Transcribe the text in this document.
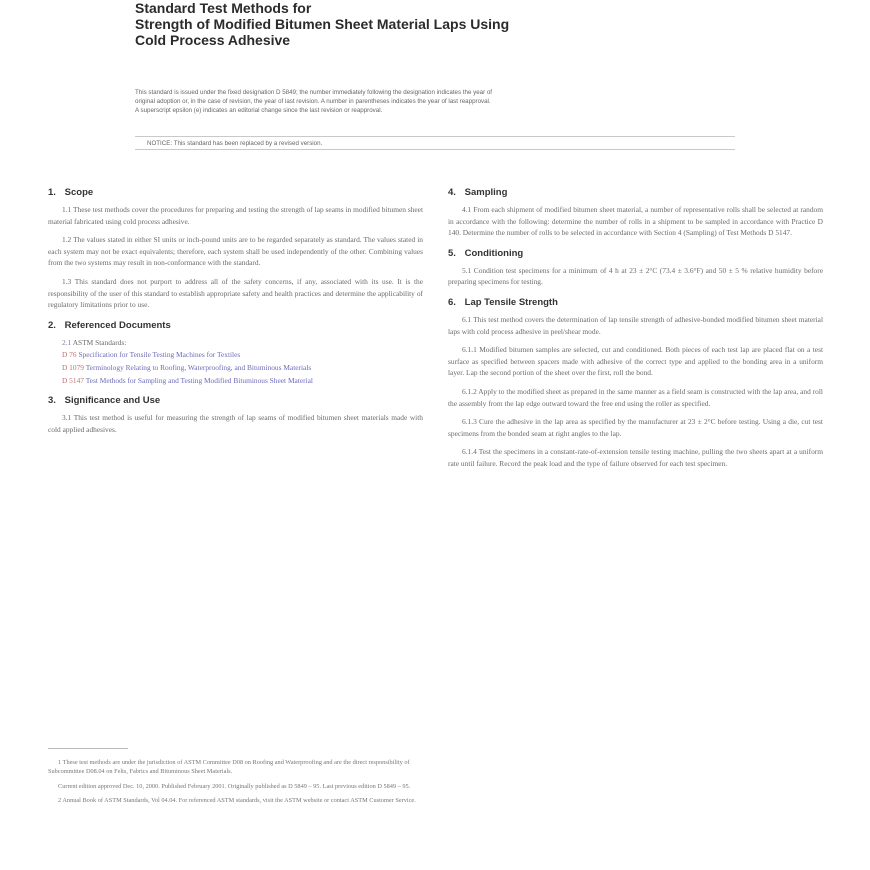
Standard Test Methods for

Strength of Modified Bitumen Sheet Material Laps Using

Cold Process Adhesive

This standard is issued under the fixed designation D 5849; the number immediately following the designation indicates the year of

original adoption or, in the case of revision, the year of last revision. A number in parentheses indicates the year of last reapproval.

A superscript epsilon (e) indicates an editorial change since the last revision or reapproval.

NOTICE: This standard has been replaced by a revised version.
1. Scope

1.1 These test methods cover the procedures for preparing and testing the strength of lap seams in modified bitumen sheet material fabricated using cold process adhesive.

1.2 The values stated in either SI units or inch-pound units are to be regarded separately as standard. The values stated in each system may not be exact equivalents; therefore, each system shall be used independently of the other. Combining values from the two systems may result in non-conformance with the standard.

1.3 This standard does not purport to address all of the safety concerns, if any, associated with its use. It is the responsibility of the user of this standard to establish appropriate safety and health practices and determine the applicability of regulatory limitations prior to use.

2. Referenced Documents
2.1 ASTM Standards:
D 76 Specification for Tensile Testing Machines for Textiles
D 1079 Terminology Relating to Roofing, Waterproofing, and Bituminous Materials
D 5147 Test Methods for Sampling and Testing Modified Bituminous Sheet Material
3. Significance and Use

3.1 This test method is useful for measuring the strength of lap seams of modified bitumen sheet materials made with cold applied adhesives.

1 These test methods are under the jurisdiction of ASTM Committee D08 on Roofing and Waterproofing and are the direct responsibility of Subcommittee D08.04 on Felts, Fabrics and Bituminous Sheet Materials.

Current edition approved Dec. 10, 2000. Published February 2001. Originally published as D 5849 – 95. Last previous edition D 5849 – 95.

2 Annual Book of ASTM Standards, Vol 04.04. For referenced ASTM standards, visit the ASTM website or contact ASTM Customer Service.

4. Sampling

4.1 From each shipment of modified bitumen sheet material, a number of representative rolls shall be selected at random in accordance with the following: determine the number of rolls in a shipment to be sampled in accordance with Practice D 140. Determine the number of rolls to be selected in accordance with Section 4 (Sampling) of Test Methods D 5147.

5. Conditioning

5.1 Condition test specimens for a minimum of 4 h at 23 ± 2°C (73.4 ± 3.6°F) and 50 ± 5 % relative humidity before preparing specimens for testing.

6. Lap Tensile Strength

6.1 This test method covers the determination of lap tensile strength of adhesive-bonded modified bitumen sheet material laps with cold process adhesive in peel/shear mode.

6.1.1 Modified bitumen samples are selected, cut and conditioned. Both pieces of each test lap are placed flat on a test surface as specified between spacers made with adhesive of the correct type and applied to the bonding area in a uniform layer. Lap the second portion of the sheet over the first, roll the bond.

6.1.2 Apply to the modified sheet as prepared in the same manner as a field seam is constructed with the lap area, and roll the assembly from the lap edge outward toward the free end using the roller as specified.

6.1.3 Cure the adhesive in the lap area as specified by the manufacturer at 23 ± 2°C before testing. Using a die, cut test specimens from the bonded seam at right angles to the lap.

6.1.4 Test the specimens in a constant-rate-of-extension tensile testing machine, pulling the two sheets apart at a uniform rate until failure. Record the peak load and the type of failure observed for each test specimen.
